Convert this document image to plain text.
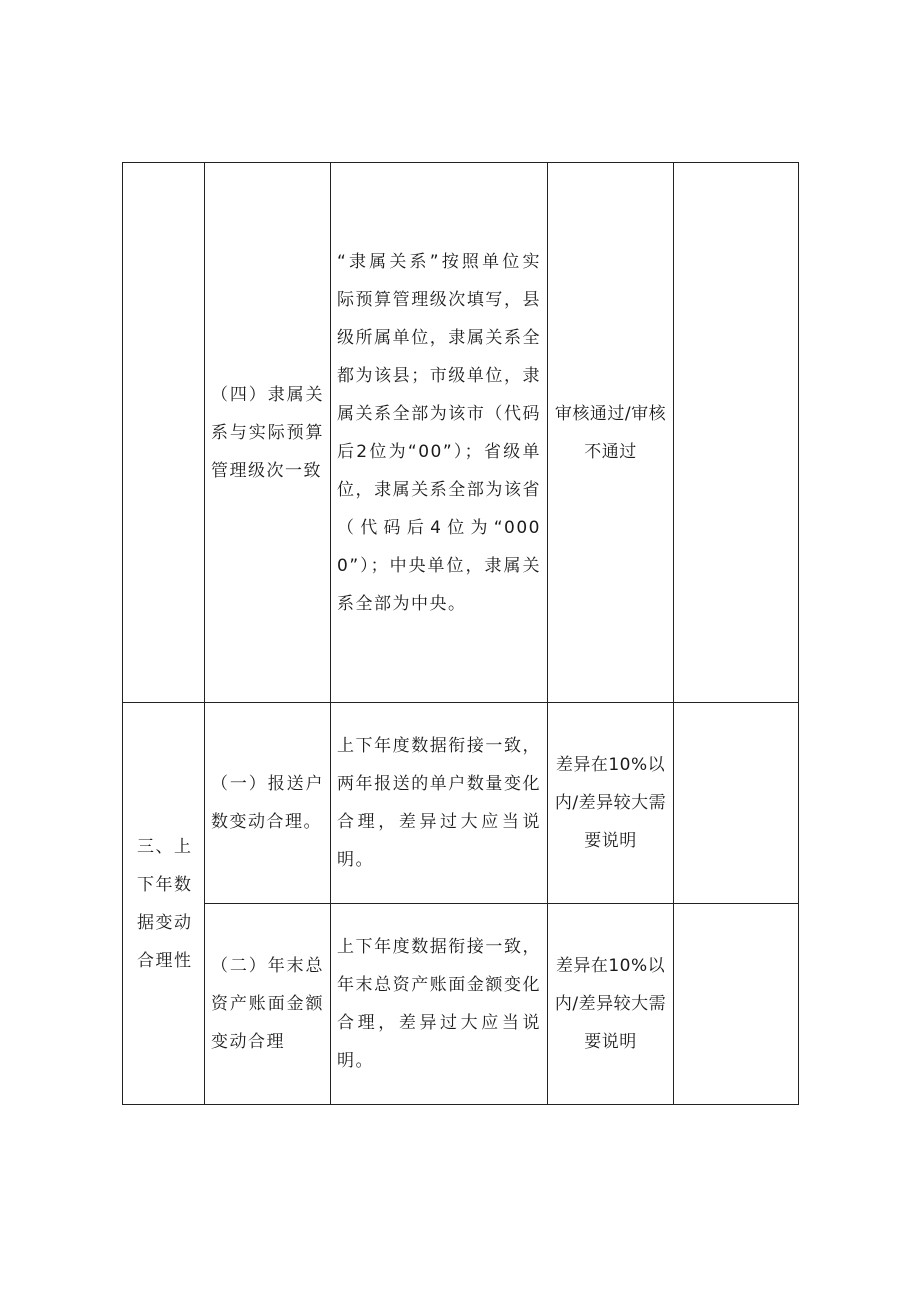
	（四）隶属关系与实际预算管理级次一致	“隶属关系”按照单位实际预算管理级次填写，县级所属单位，隶属关系全都为该县；市级单位，隶属关系全部为该市（代码后2位为“00”）；省级单位，隶属关系全部为该省（代码后4位为“0000”）；中央单位，隶属关系全部为中央。	审核通过/审核不通过	

三、上下年数据变动合理性	（一）报送户数变动合理。	上下年度数据衔接一致，两年报送的单户数量变化合理，差异过大应当说明。	差异在10%以内/差异较大需要说明	

	（二）年末总资产账面金额变动合理	上下年度数据衔接一致，年末总资产账面金额变化合理，差异过大应当说明。	差异在10%以内/差异较大需要说明	
